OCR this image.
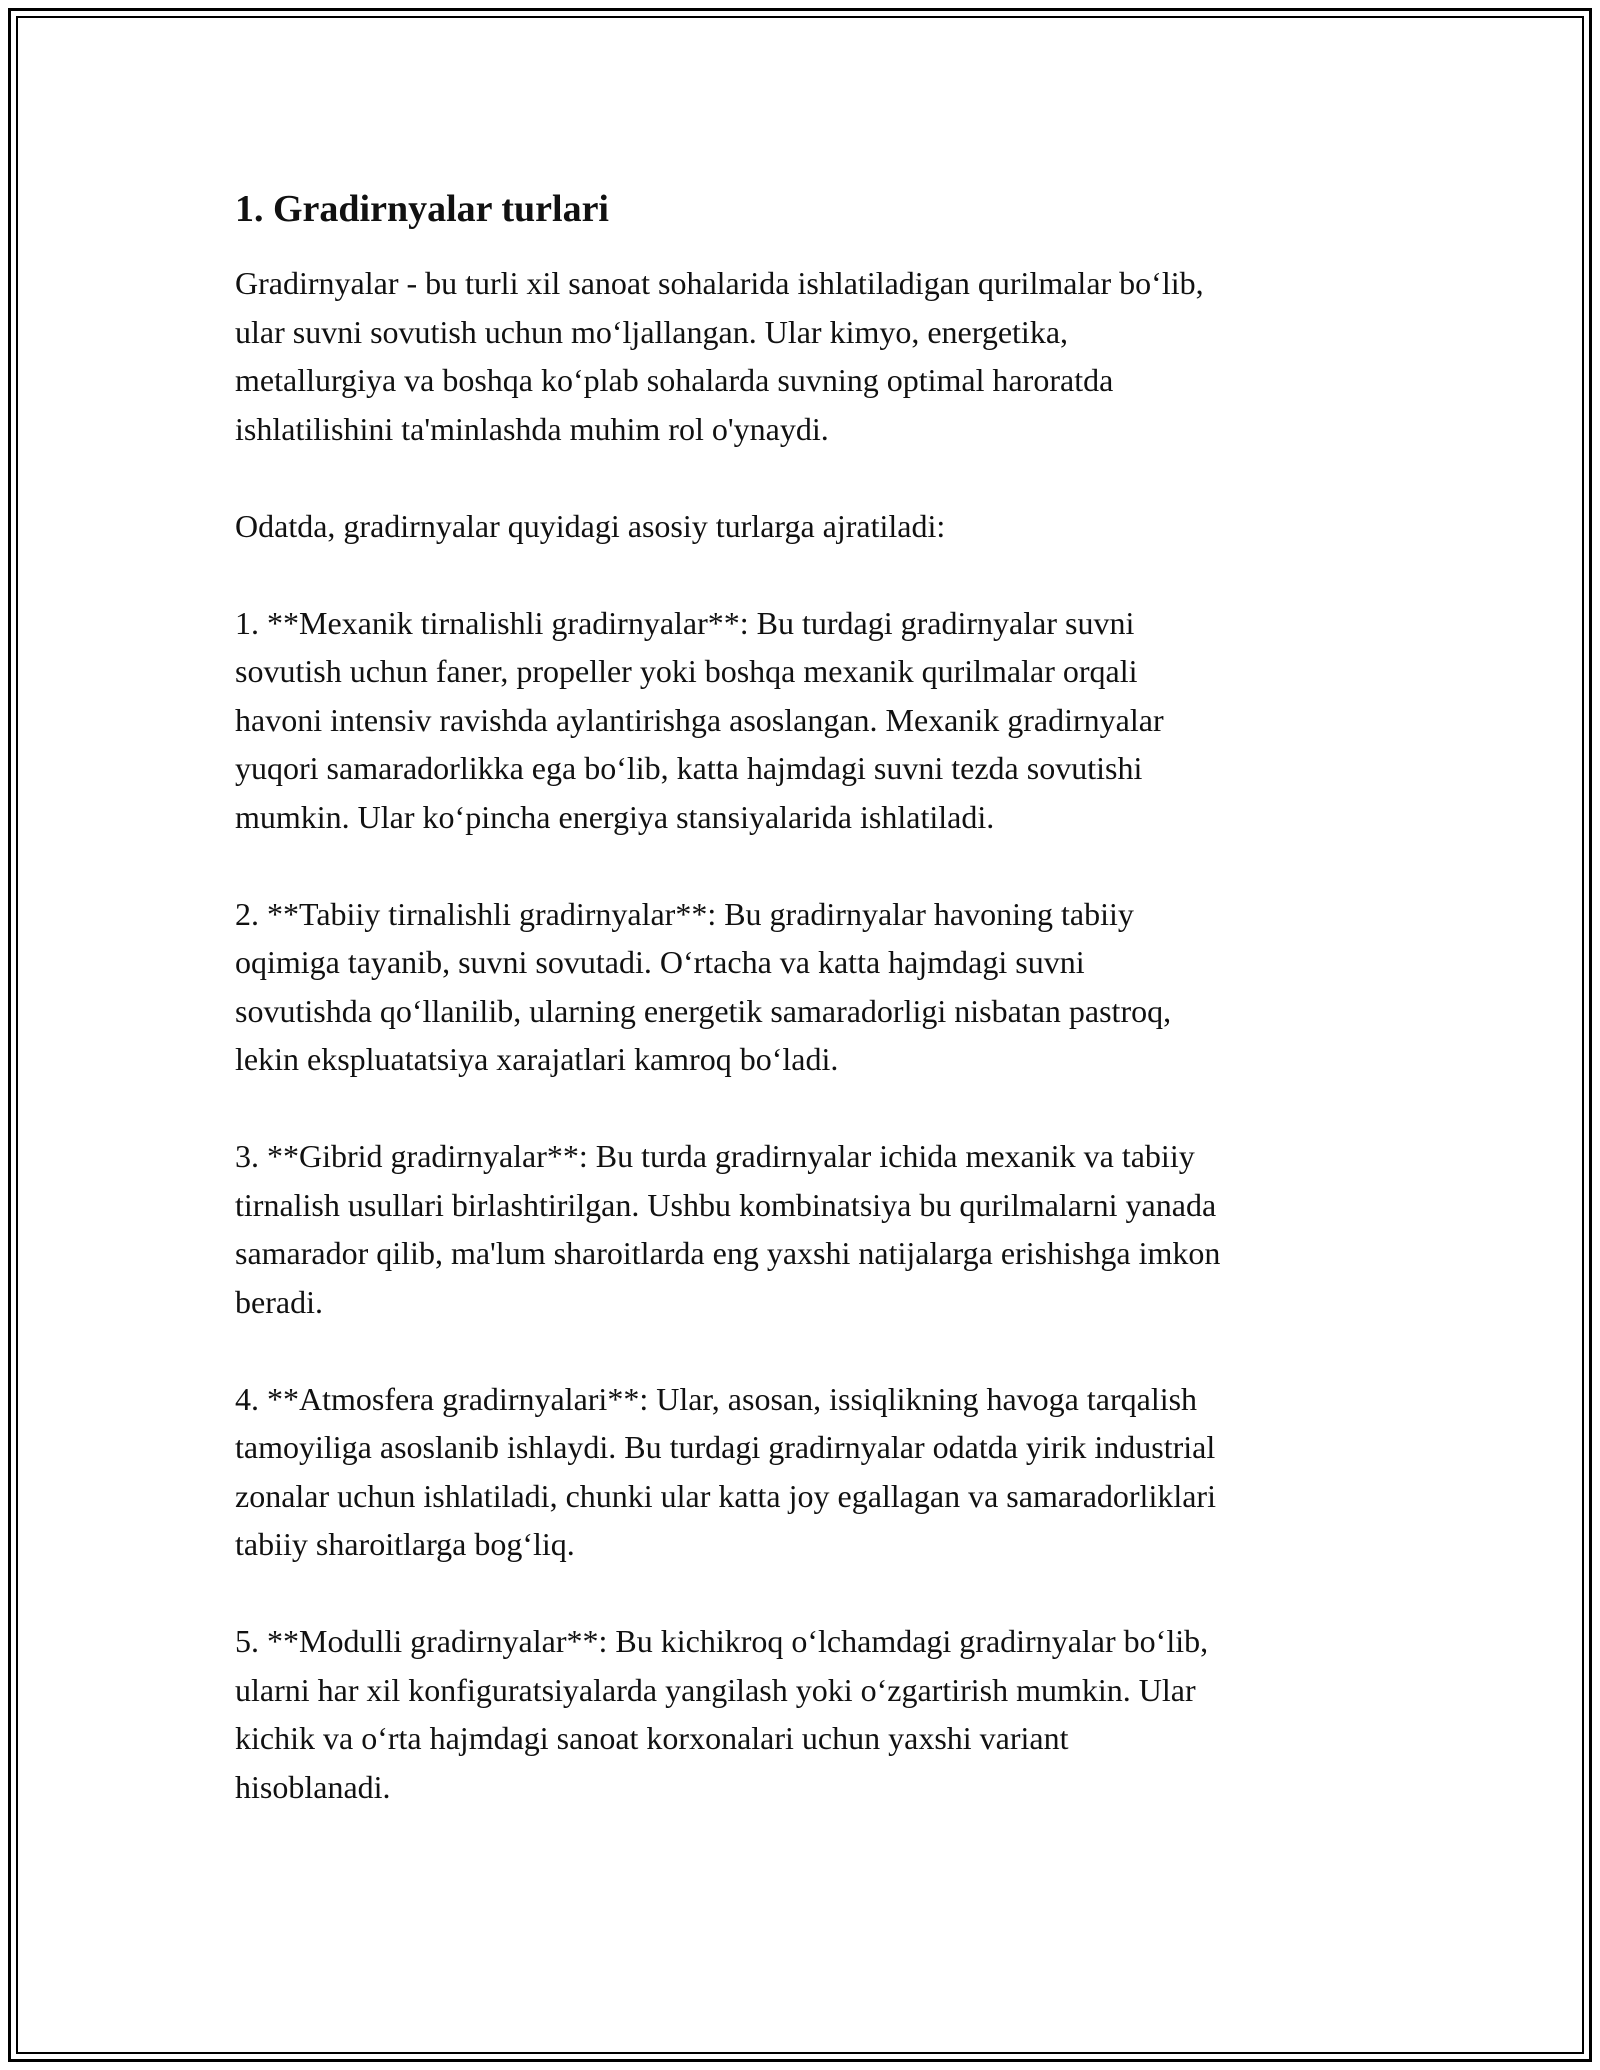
1. Gradirnyalar turlari

Gradirnyalar - bu turli xil sanoat sohalarida ishlatiladigan qurilmalar bo‘lib,
ular suvni sovutish uchun mo‘ljallangan. Ular kimyo, energetika,
metallurgiya va boshqa ko‘plab sohalarda suvning optimal haroratda
ishlatilishini ta'minlashda muhim rol o'ynaydi.

Odatda, gradirnyalar quyidagi asosiy turlarga ajratiladi:

1. **Mexanik tirnalishli gradirnyalar**: Bu turdagi gradirnyalar suvni
sovutish uchun faner, propeller yoki boshqa mexanik qurilmalar orqali
havoni intensiv ravishda aylantirishga asoslangan. Mexanik gradirnyalar
yuqori samaradorlikka ega bo‘lib, katta hajmdagi suvni tezda sovutishi
mumkin. Ular ko‘pincha energiya stansiyalarida ishlatiladi.

2. **Tabiiy tirnalishli gradirnyalar**: Bu gradirnyalar havoning tabiiy
oqimiga tayanib, suvni sovutadi. O‘rtacha va katta hajmdagi suvni
sovutishda qo‘llanilib, ularning energetik samaradorligi nisbatan pastroq,
lekin ekspluatatsiya xarajatlari kamroq bo‘ladi.

3. **Gibrid gradirnyalar**: Bu turda gradirnyalar ichida mexanik va tabiiy
tirnalish usullari birlashtirilgan. Ushbu kombinatsiya bu qurilmalarni yanada
samarador qilib, ma'lum sharoitlarda eng yaxshi natijalarga erishishga imkon
beradi.

4. **Atmosfera gradirnyalari**: Ular, asosan, issiqlikning havoga tarqalish
tamoyiliga asoslanib ishlaydi. Bu turdagi gradirnyalar odatda yirik industrial
zonalar uchun ishlatiladi, chunki ular katta joy egallagan va samaradorliklari
tabiiy sharoitlarga bog‘liq.

5. **Modulli gradirnyalar**: Bu kichikroq o‘lchamdagi gradirnyalar bo‘lib,
ularni har xil konfiguratsiyalarda yangilash yoki o‘zgartirish mumkin. Ular
kichik va o‘rta hajmdagi sanoat korxonalari uchun yaxshi variant
hisoblanadi.
